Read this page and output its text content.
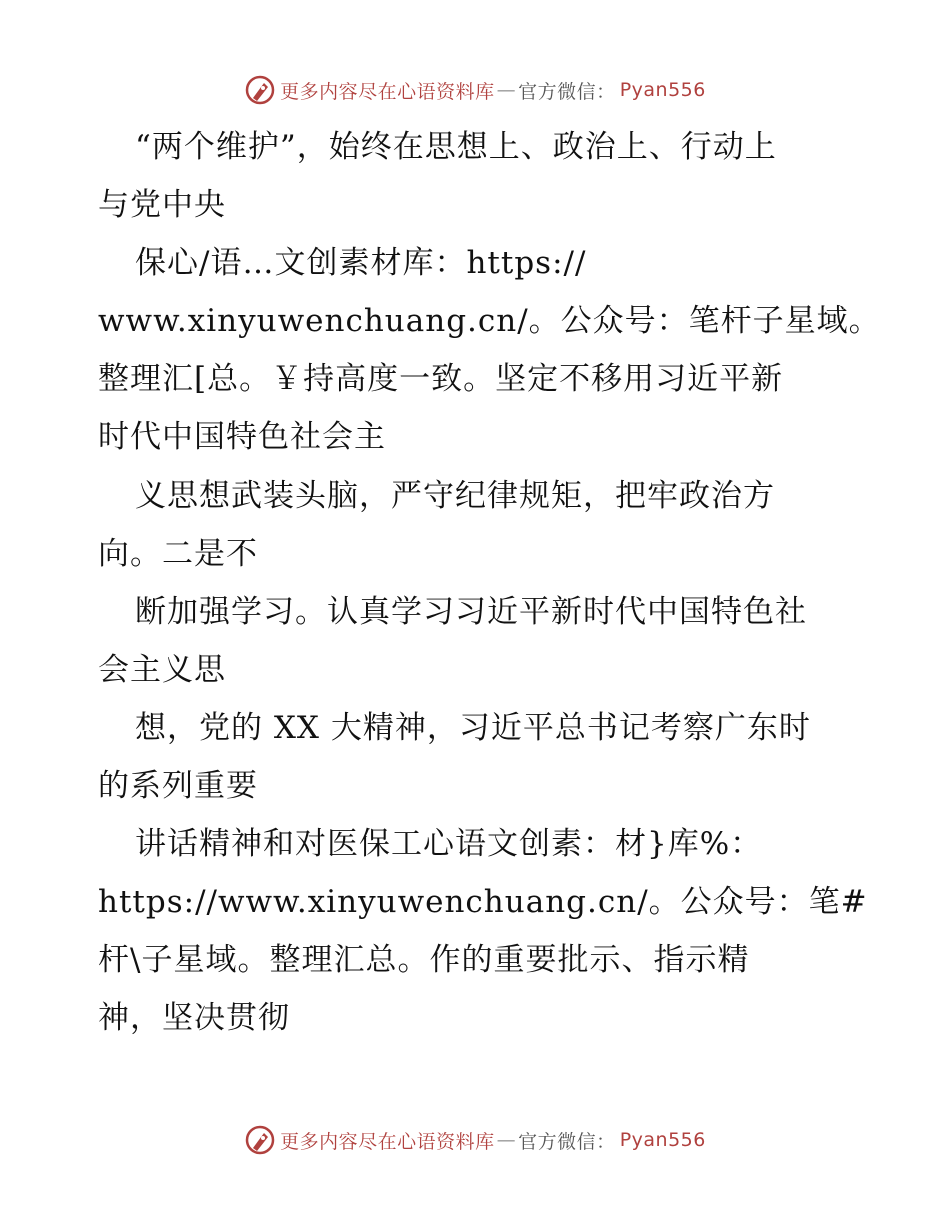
更多内容尽在心语资料库 — 官方微信： Pyan556
“两个维护”，始终在思想上、政治上、行动上
与党中央
保心/语…文创素材库：https://
www.xinyuwenchuang.cn/。公众号：笔杆子星域。
整理汇[总。￥持高度一致。坚定不移用习近平新
时代中国特色社会主
义思想武装头脑，严守纪律规矩，把牢政治方
向。二是不
断加强学习。认真学习习近平新时代中国特色社
会主义思
想，党的 XX 大精神，习近平总书记考察广东时
的系列重要
讲话精神和对医保工心语文创素：材}库%：
https://www.xinyuwenchuang.cn/。公众号：笔#
杆\子星域。整理汇总。作的重要批示、指示精
神，坚决贯彻
更多内容尽在心语资料库 — 官方微信： Pyan556
